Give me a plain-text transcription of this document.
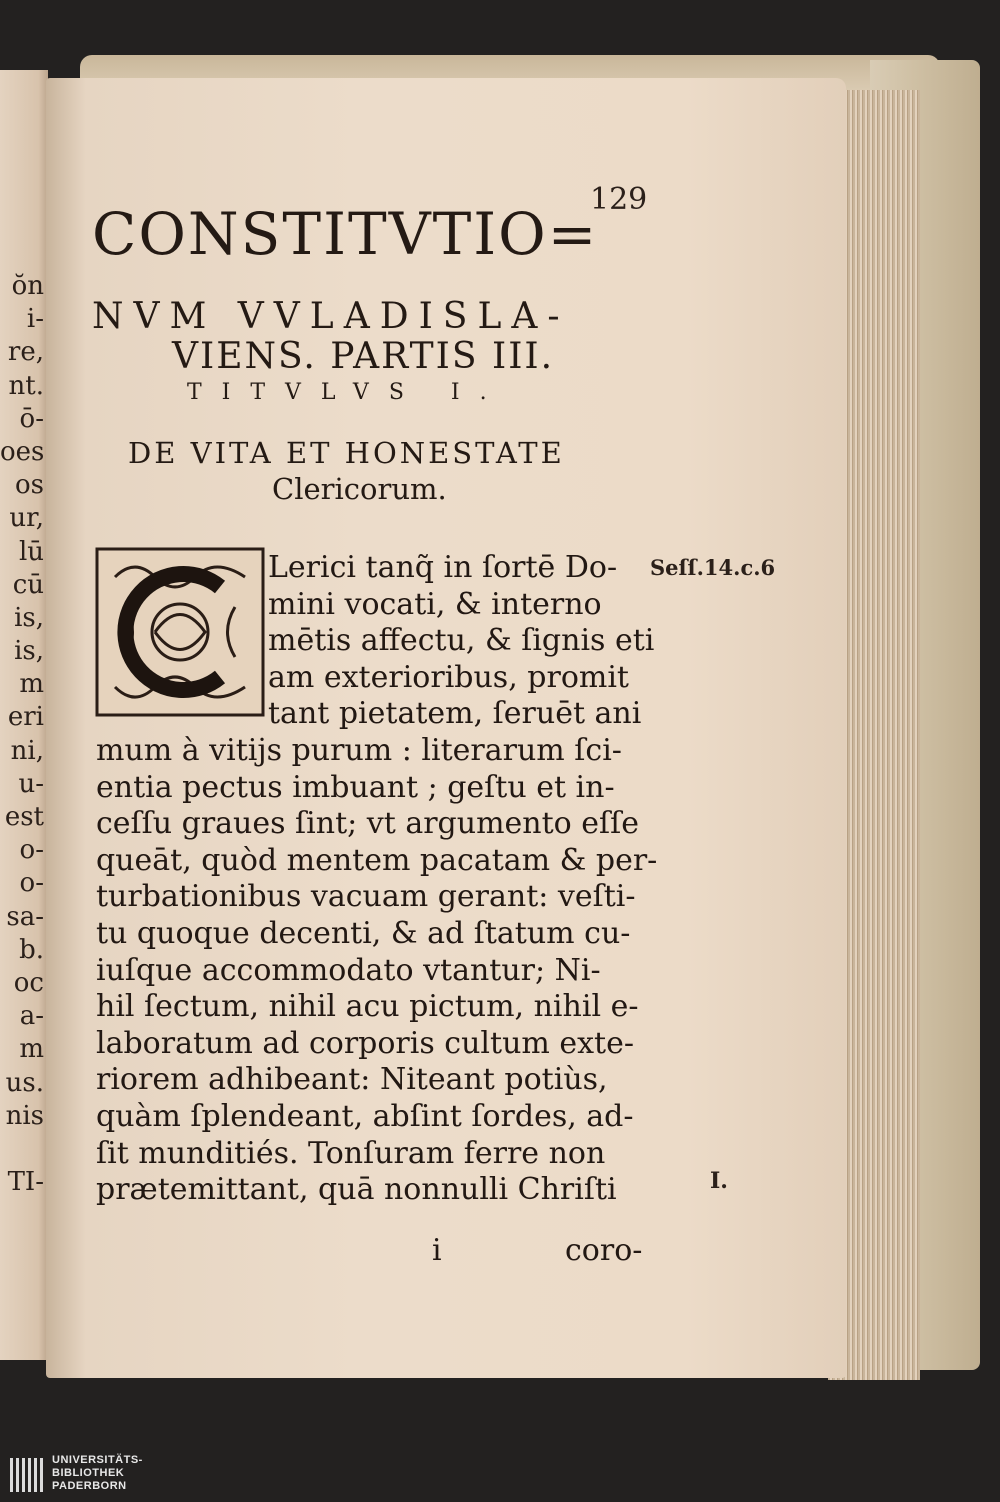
ŏn
i-
re,
nt.
ō-
oes
os
ur,
lū
cū
is,
is,
m
eri
ni,
u-
est
o-
o-
sa-
b.
oc
a-
m
us.
nis
TI-
129
CONSTITVTIO=
NVM VVLADISLA-
VIENS. PARTIS III.
TITVLVS I.
DE VITA ET HONESTATE
Clericorum.
Lerici tanq̃ in ſortē Do-
mini vocati, & interno
mētis affectu, & ſignis eti
am exterioribus, promit
tant pietatem, ſeruēt ani
mum à vitijs purum : literarum ſci-
entia pectus imbuant ; geſtu et in-
ceſſu graues ſint; vt argumento eſſe
queāt, quòd mentem pacatam & per-
turbationibus vacuam gerant: veſti-
tu quoque decenti, & ad ſtatum cu-
iuſque accommodato vtantur; Ni-
hil ſectum, nihil acu pictum, nihil e-
laboratum ad corporis cultum exte-
riorem adhibeant: Niteant potiùs,
quàm ſplendeant, abſint ſordes, ad-
ſit munditiés. Tonſuram ferre non
prætemittant, quā nonnulli Chriſti
i	coro-
Seſſ.14.c.6
I.
UNIVERSITÄTS-
BIBLIOTHEK
PADERBORN
